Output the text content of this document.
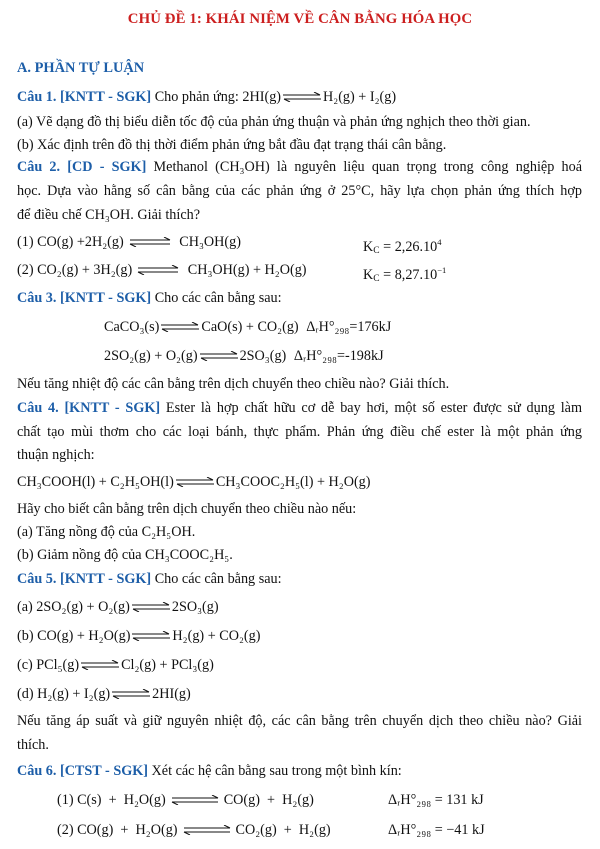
CHỦ ĐỀ 1: KHÁI NIỆM VỀ CÂN BẰNG HÓA HỌC
A. PHẦN TỰ LUẬN
Câu 1. [KNTT - SGK] Cho phản ứng: 2HI(g) ⇌ H₂(g) + I₂(g)
(a) Vẽ dạng đồ thị biểu diễn tốc độ của phản ứng thuận và phản ứng nghịch theo thời gian.
(b) Xác định trên đồ thị thời điểm phản ứng bắt đầu đạt trạng thái cân bằng.
Câu 2. [CD - SGK] Methanol (CH₃OH) là nguyên liệu quan trọng trong công nghiệp hoá
học. Dựa vào hằng số cân bằng của các phản ứng ở 25°C, hãy lựa chọn phản ứng thích hợp
để điều chế CH₃OH. Giải thích?
(1) CO(g) +2H₂(g) ⇌ CH₃OH(g)	$K_C = 2,26.10^4$
(2) CO₂(g) + 3H₂(g) ⇌ CH₃OH(g) + H₂O(g)	$K_C = 8,27.10^{-1}$
Câu 3. [KNTT - SGK] Cho các cân bằng sau:
CaCO₃(s) ⇌ CaO(s) + CO₂(g) ΔᵣH°₂₉₈=176kJ
2SO₂(g) + O₂(g) ⇌ 2SO₃(g) ΔᵣH°₂₉₈=-198kJ
Nếu tăng nhiệt độ các cân bằng trên dịch chuyển theo chiều nào? Giải thích.
Câu 4. [KNTT - SGK] Ester là hợp chất hữu cơ dễ bay hơi, một số ester được sử dụng làm
chất tạo mùi thơm cho các loại bánh, thực phẩm. Phản ứng điều chế ester là một phản ứng
thuận nghịch:
CH₃COOH(l) + C₂H₅OH(l) ⇌ CH₃COOC₂H₅(l) + H₂O(g)
Hãy cho biết cân bằng trên dịch chuyển theo chiều nào nếu:
(a) Tăng nồng độ của C₂H₅OH.
(b) Giảm nồng độ của CH₃COOC₂H₅.
Câu 5. [KNTT - SGK] Cho các cân bằng sau:
(a) 2SO₂(g) + O₂(g) ⇌ 2SO₃(g)
(b) CO(g) + H₂O(g) ⇌ H₂(g) + CO₂(g)
(c) PCl₅(g) ⇌ Cl₂(g) + PCl₃(g)
(d) H₂(g) + I₂(g) ⇌ 2HI(g)
Nếu tăng áp suất và giữ nguyên nhiệt độ, các cân bằng trên chuyển dịch theo chiều nào? Giải
thích.
Câu 6. [CTST - SGK] Xét các hệ cân bằng sau trong một bình kín:
(1) C(s)  +  H₂O(g) ⇌ CO(g)  +  H₂(g)	ΔᵣH°₂₉₈ = 131 kJ
(2) CO(g)  +  H₂O(g) ⇌ CO₂(g)  +  H₂(g)	ΔᵣH°₂₉₈ = −41 kJ
